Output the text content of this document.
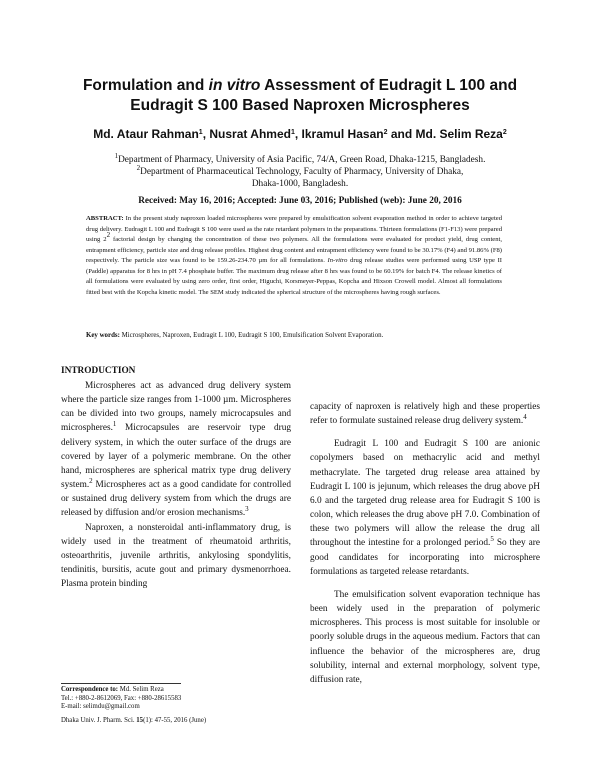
Formulation and in vitro Assessment of Eudragit L 100 and
Eudragit S 100 Based Naproxen Microspheres
Md. Ataur Rahman$^1$, Nusrat Ahmed$^1$, Ikramul Hasan$^2$ and Md. Selim Reza$^2$
$^1$Department of Pharmacy, University of Asia Pacific, 74/A, Green Road, Dhaka-1215, Bangladesh.
$^2$Department of Pharmaceutical Technology, Faculty of Pharmacy, University of Dhaka,
Dhaka-1000, Bangladesh.
Received: May 16, 2016; Accepted: June 03, 2016; Published (web): June 20, 2016
ABSTRACT: In the present study naproxen loaded microspheres were prepared by emulsification solvent evaporation method in order to achieve targeted drug delivery. Eudragit L 100 and Eudragit S 100 were used as the rate retardant polymers in the preparations. Thirteen formulations (F1-F13) were prepared using $2^2$ factorial design by changing the concentration of these two polymers. All the formulations were evaluated for product yield, drug content, entrapment efficiency, particle size and drug release profiles. Highest drug content and entrapment efficiency were found to be 30.17% (F4) and 91.86% (F8) respectively. The particle size was found to be 159.26-234.70 µm for all formulations. In-vitro drug release studies were performed using USP type II (Paddle) apparatus for 8 hrs in pH 7.4 phosphate buffer. The maximum drug release after 8 hrs was found to be 60.19% for batch F4. The release kinetics of all formulations were evaluated by using zero order, first order, Higuchi, Korsmeyer-Peppas, Kopcha and Hixson Crowell model. Almost all formulations fitted best with the Kopcha kinetic model. The SEM study indicated the spherical structure of the microspheres having rough surfaces.
Key words: Microspheres, Naproxen, Eudragit L 100, Eudragit S 100, Emulsification Solvent Evaporation.
INTRODUCTION

Microspheres act as advanced drug delivery system where the particle size ranges from 1-1000 µm. Microspheres can be divided into two groups, namely microcapsules and microspheres.$^1$ Microcapsules are reservoir type drug delivery system, in which the outer surface of the drugs are covered by layer of a polymeric membrane. On the other hand, microspheres are spherical matrix type drug delivery system.$^2$ Microspheres act as a good candidate for controlled or sustained drug delivery system from which the drugs are released by diffusion and/or erosion mechanisms.$^3$

Naproxen, a nonsteroidal anti-inflammatory drug, is widely used in the treatment of rheumatoid arthritis, osteoarthritis, juvenile arthritis, ankylosing spondylitis, tendinitis, bursitis, acute gout and primary dysmenorrhoea. Plasma protein binding

capacity of naproxen is relatively high and these properties refer to formulate sustained release drug delivery system.$^4$

Eudragit L 100 and Eudragit S 100 are anionic copolymers based on methacrylic acid and methyl methacrylate. The targeted drug release area attained by Eudragit L 100 is jejunum, which releases the drug above pH 6.0 and the targeted drug release area for Eudragit S 100 is colon, which releases the drug above pH 7.0. Combination of these two polymers will allow the release the drug all throughout the intestine for a prolonged period.$^5$ So they are good candidates for incorporating into microsphere formulations as targeted release retardants.

The emulsification solvent evaporation technique has been widely used in the preparation of polymeric microspheres. This process is most suitable for insoluble or poorly soluble drugs in the aqueous medium. Factors that can influence the behavior of the microspheres are, drug solubility, internal and external morphology, solvent type, diffusion rate,

Correspondence to: Md. Selim Reza
Tel.: +880-2-8612069, Fax: +880-28615583
E-mail: selimdu@gmail.com
Dhaka Univ. J. Pharm. Sci. 15(1): 47-55, 2016 (June)
